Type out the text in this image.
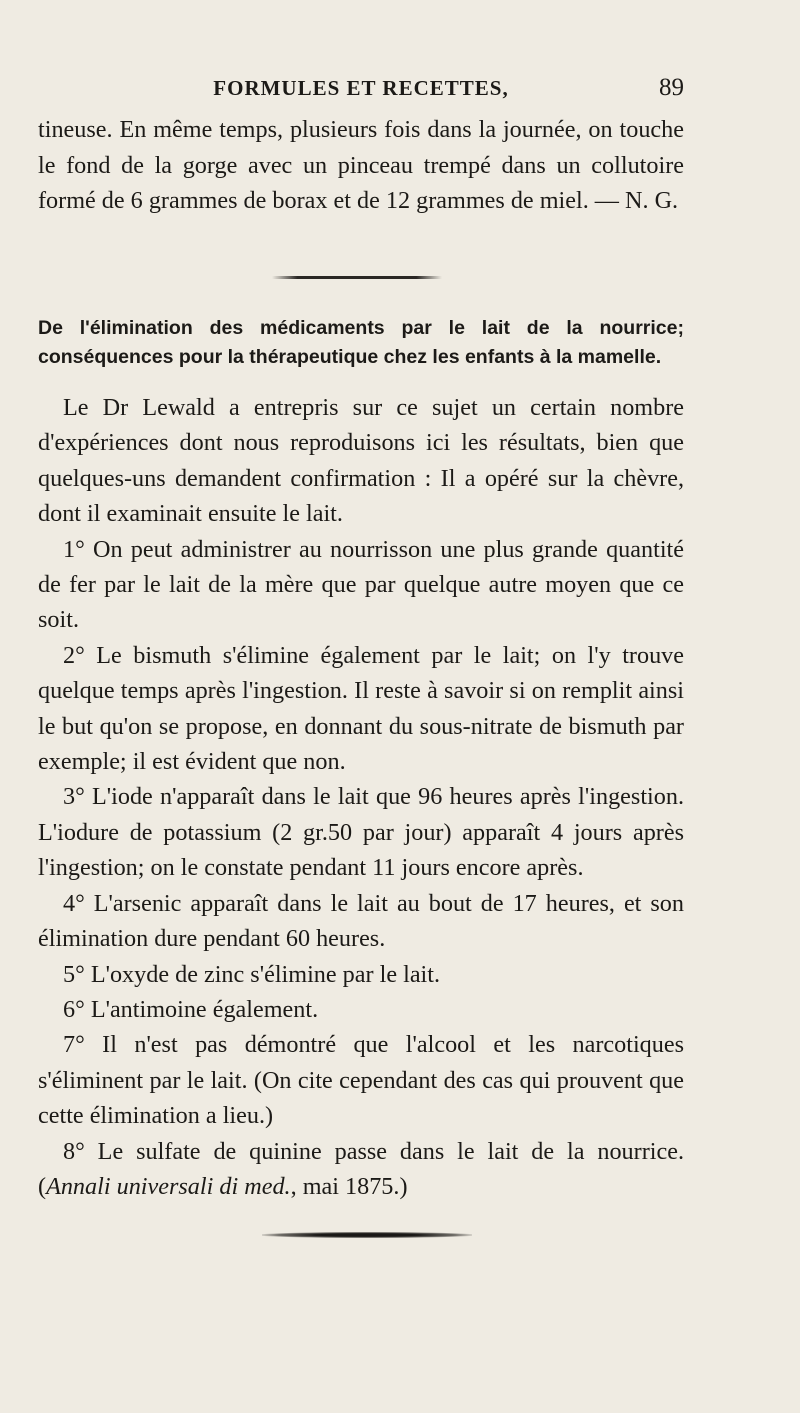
FORMULES ET RECETTES,	89

tineuse. En même temps, plusieurs fois dans la journée, on touche le fond de la gorge avec un pinceau trempé dans un collutoire formé de 6 grammes de borax et de 12 grammes de miel. — N. G.

De l'élimination des médicaments par le lait de la nourrice; conséquences pour la thérapeutique chez les enfants à la mamelle.

Le Dr Lewald a entrepris sur ce sujet un certain nombre d'expériences dont nous reproduisons ici les résultats, bien que quelques-uns demandent confirmation : Il a opéré sur la chèvre, dont il examinait ensuite le lait.

1° On peut administrer au nourrisson une plus grande quantité de fer par le lait de la mère que par quelque autre moyen que ce soit.

2° Le bismuth s'élimine également par le lait; on l'y trouve quelque temps après l'ingestion. Il reste à savoir si on remplit ainsi le but qu'on se propose, en donnant du sous-nitrate de bismuth par exemple; il est évident que non.

3° L'iode n'apparaît dans le lait que 96 heures après l'ingestion. L'iodure de potassium (2 gr.50 par jour) apparaît 4 jours après l'ingestion; on le constate pendant 11 jours encore après.

4° L'arsenic apparaît dans le lait au bout de 17 heures, et son élimination dure pendant 60 heures.

5° L'oxyde de zinc s'élimine par le lait.

6° L'antimoine également.

7° Il n'est pas démontré que l'alcool et les narcotiques s'éliminent par le lait. (On cite cependant des cas qui prouvent que cette élimination a lieu.)

8° Le sulfate de quinine passe dans le lait de la nourrice. (Annali universali di med., mai 1875.)
